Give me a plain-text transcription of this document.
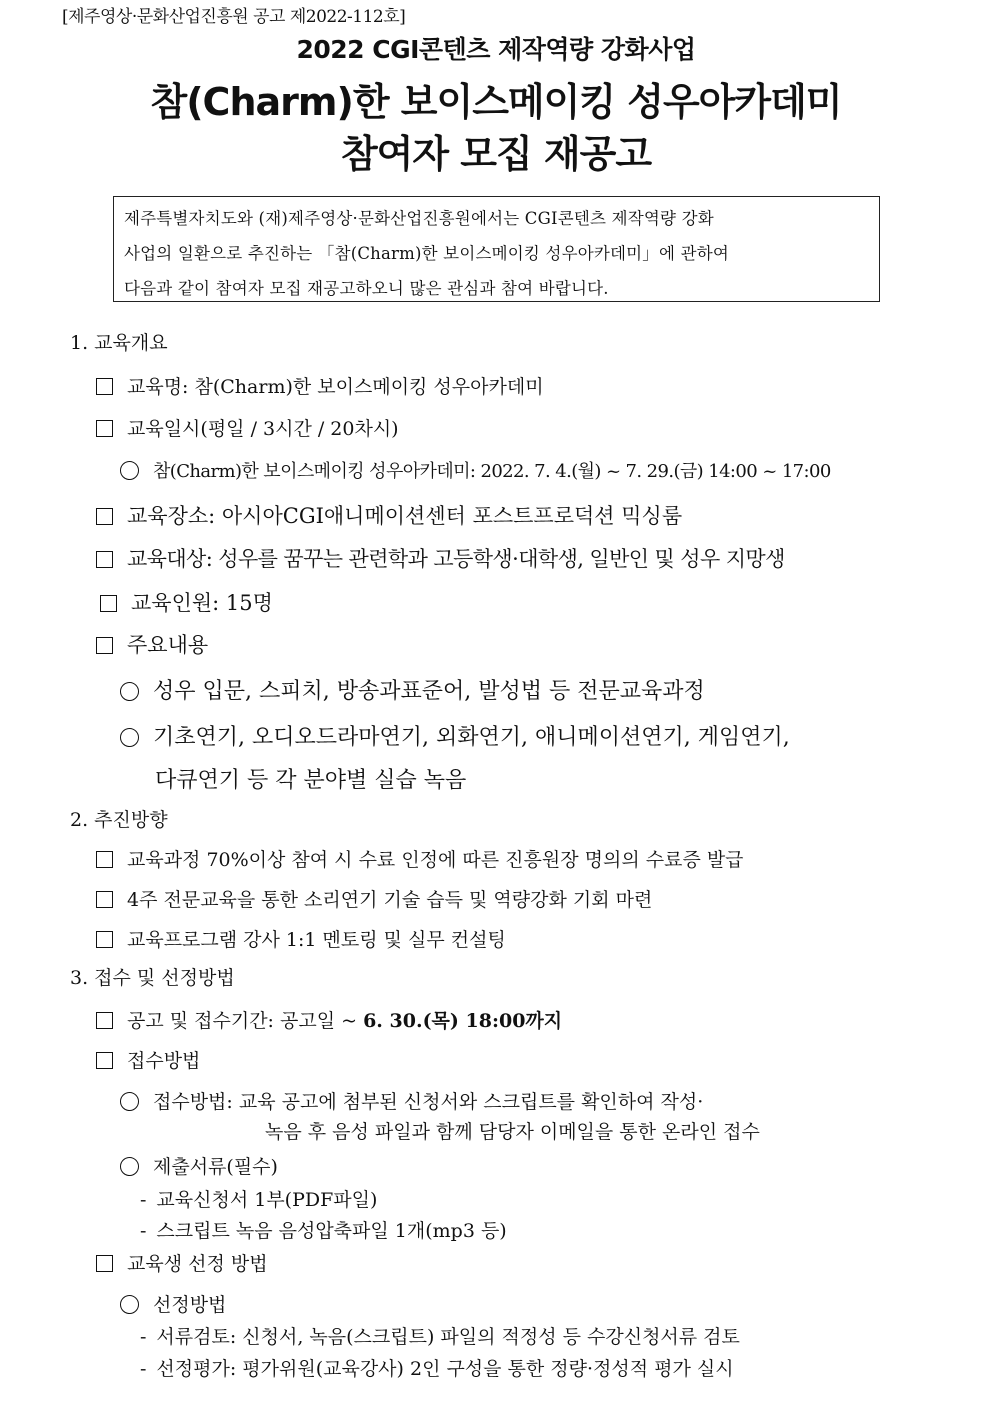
[제주영상·문화산업진흥원 공고 제2022-112호]
2022 CGI콘텐츠 제작역량 강화사업
참(Charm)한 보이스메이킹 성우아카데미
참여자 모집 재공고
제주특별자치도와 (재)제주영상·문화산업진흥원에서는 CGI콘텐츠 제작역량 강화
사업의 일환으로 추진하는 「참(Charm)한 보이스메이킹 성우아카데미」에 관하여
다음과 같이 참여자 모집 재공고하오니 많은 관심과 참여 바랍니다.
1. 교육개요
교육명: 참(Charm)한 보이스메이킹 성우아카데미
교육일시(평일 / 3시간 / 20차시)
참(Charm)한 보이스메이킹 성우아카데미: 2022. 7. 4.(월) ~ 7. 29.(금) 14:00 ~ 17:00
교육장소: 아시아CGI애니메이션센터 포스트프로덕션 믹싱룸
교육대상: 성우를 꿈꾸는 관련학과 고등학생·대학생, 일반인 및 성우 지망생
교육인원: 15명
주요내용
성우 입문, 스피치, 방송과표준어, 발성법 등 전문교육과정
기초연기, 오디오드라마연기, 외화연기, 애니메이션연기, 게임연기,
다큐연기 등 각 분야별 실습 녹음
2. 추진방향
교육과정 70%이상 참여 시 수료 인정에 따른 진흥원장 명의의 수료증 발급
4주 전문교육을 통한 소리연기 기술 습득 및 역량강화 기회 마련
교육프로그램 강사 1:1 멘토링 및 실무 컨설팅
3. 접수 및 선정방법
공고 및 접수기간: 공고일 ~ 6. 30.(목) 18:00까지
접수방법
접수방법: 교육 공고에 첨부된 신청서와 스크립트를 확인하여 작성·
녹음 후 음성 파일과 함께 담당자 이메일을 통한 온라인 접수
제출서류(필수)
- 교육신청서 1부(PDF파일)
- 스크립트 녹음 음성압축파일 1개(mp3 등)
교육생 선정 방법
선정방법
- 서류검토: 신청서, 녹음(스크립트) 파일의 적정성 등 수강신청서류 검토
- 선정평가: 평가위원(교육강사) 2인 구성을 통한 정량·정성적 평가 실시
